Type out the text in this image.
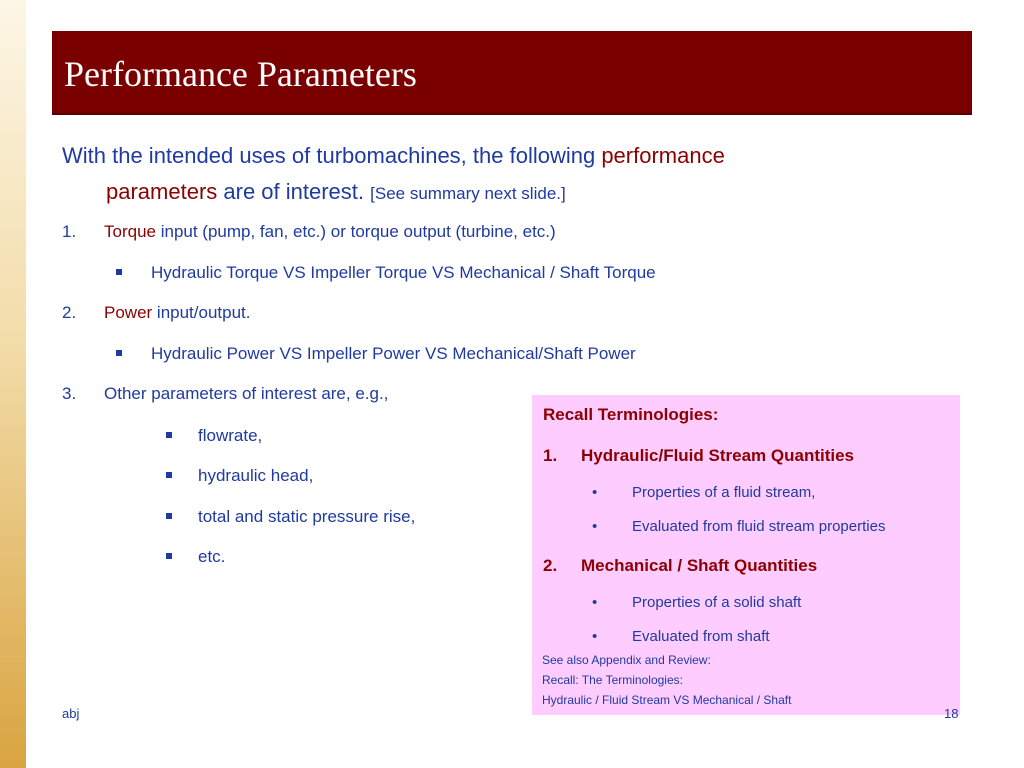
Performance Parameters
With the intended uses of turbomachines, the following performance
parameters are of interest. [See summary next slide.]
1. Torque input (pump, fan, etc.) or torque output (turbine, etc.)
Hydraulic Torque VS Impeller Torque VS Mechanical / Shaft Torque
2. Power input/output.
Hydraulic Power VS Impeller Power VS Mechanical/Shaft Power
3. Other parameters of interest are, e.g.,
flowrate,
hydraulic head,
total and static pressure rise,
etc.
Recall Terminologies:
1. Hydraulic/Fluid Stream Quantities
• Properties of a fluid stream,
• Evaluated from fluid stream properties
2. Mechanical / Shaft Quantities
• Properties of a solid shaft
• Evaluated from shaft
See also Appendix and Review:
Recall: The Terminologies:
Hydraulic / Fluid Stream VS Mechanical / Shaft
abj	18
